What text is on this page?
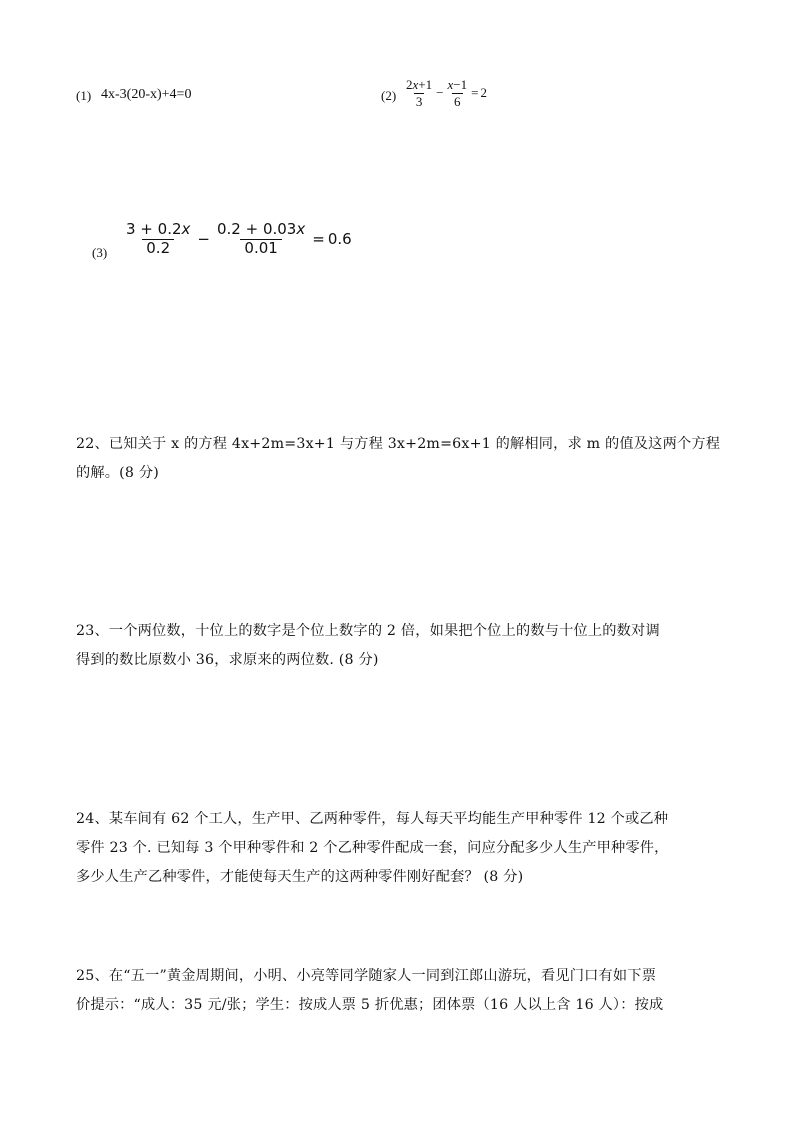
(1) 4x-3(20-x)+4=0	$(2) \frac{2x+1}{3} - \frac{x-1}{6} = 2$
$(3) \frac{3 + 0.2x}{0.2} - \frac{0.2 + 0.03x}{0.01} = 0.6$

22、已知关于 x 的方程 4x+2m=3x+1 与方程 3x+2m=6x+1 的解相同，求 m 的值及这两个方程

的解。(8 分)

23、一个两位数，十位上的数字是个位上数字的 2 倍，如果把个位上的数与十位上的数对调

得到的数比原数小 36，求原来的两位数. (8 分)

24、某车间有 62 个工人，生产甲、乙两种零件，每人每天平均能生产甲种零件 12 个或乙种

零件 23 个. 已知每 3 个甲种零件和 2 个乙种零件配成一套，问应分配多少人生产甲种零件，

多少人生产乙种零件，才能使每天生产的这两种零件刚好配套？ (8 分)

25、在“五一”黄金周期间，小明、小亮等同学随家人一同到江郎山游玩，看见门口有如下票

价提示：“成人：35 元/张；学生：按成人票 5 折优惠；团体票（16 人以上含 16 人）：按成
